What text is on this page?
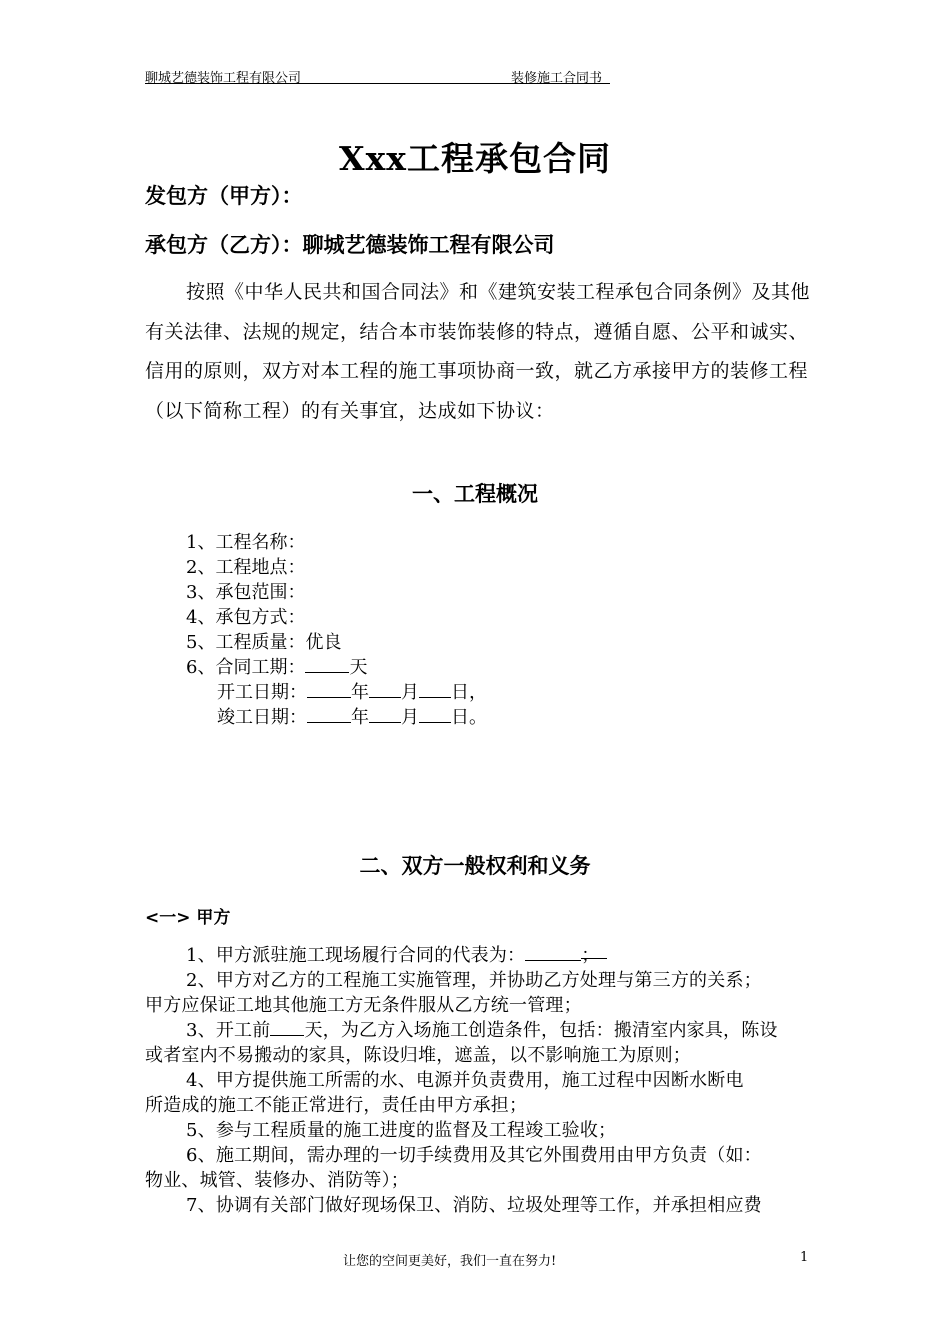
聊城艺德装饰工程有限公司	装修施工合同书
Xxx工程承包合同
发包方（甲方）：
承包方（乙方）：聊城艺德装饰工程有限公司
按照《中华人民共和国合同法》和《建筑安装工程承包合同条例》及其他有关法律、法规的规定，结合本市装饰装修的特点，遵循自愿、公平和诚实、信用的原则，双方对本工程的施工事项协商一致，就乙方承接甲方的装修工程（以下简称工程）的有关事宜，达成如下协议：
一、工程概况
1、工程名称：
2、工程地点：
3、承包范围：
4、承包方式：
5、工程质量：优良
6、合同工期： 天
开工日期： 年 月 日，
竣工日期： 年 月 日。
二、双方一般权利和义务
<一> 甲方
1、甲方派驻施工现场履行合同的代表为：	；
2、甲方对乙方的工程施工实施管理，并协助乙方处理与第三方的关系；
甲方应保证工地其他施工方无条件服从乙方统一管理；
3、开工前 天，为乙方入场施工创造条件，包括：搬清室内家具，陈设
或者室内不易搬动的家具，陈设归堆，遮盖，以不影响施工为原则；
4、甲方提供施工所需的水、电源并负责费用，施工过程中因断水断电
所造成的施工不能正常进行，责任由甲方承担；
5、参与工程质量的施工进度的监督及工程竣工验收；
6、施工期间，需办理的一切手续费用及其它外围费用由甲方负责（如：
物业、城管、装修办、消防等）；
7、协调有关部门做好现场保卫、消防、垃圾处理等工作，并承担相应费
让您的空间更美好，我们一直在努力!	1
